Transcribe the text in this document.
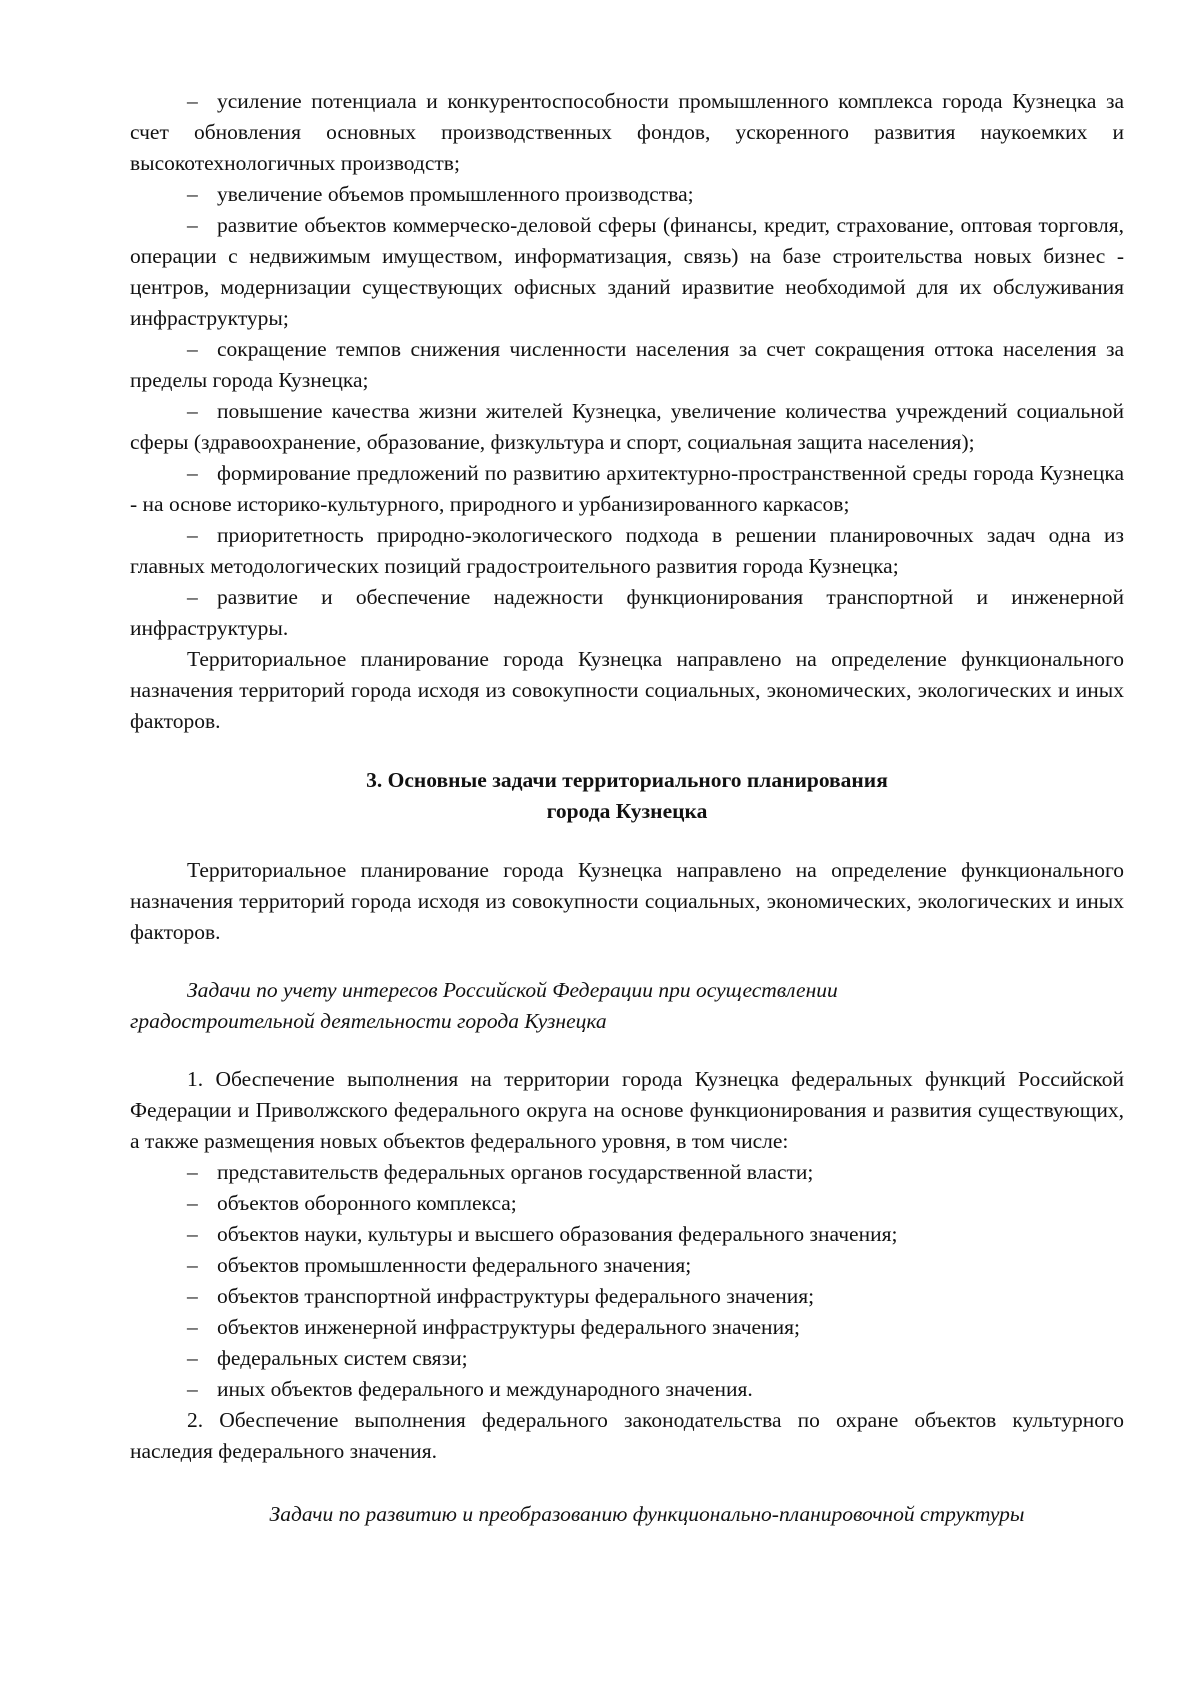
– усиление потенциала и конкурентоспособности промышленного комплекса города Кузнецка за счет обновления основных производственных фондов, ускоренного развития наукоемких и высокотехнологичных производств;

– увеличение объемов промышленного производства;

– развитие объектов коммерческо-деловой сферы (финансы, кредит, страхование, оптовая торговля, операции с недвижимым имуществом, информатизация, связь) на базе строительства новых бизнес - центров, модернизации существующих офисных зданий иразвитие необходимой для их обслуживания инфраструктуры;

– сокращение темпов снижения численности населения за счет сокращения оттока населения за пределы города Кузнецка;

– повышение качества жизни жителей Кузнецка, увеличение количества учреждений социальной сферы (здравоохранение, образование, физкультура и спорт, социальная защита населения);

– формирование предложений по развитию архитектурно-пространственной среды города Кузнецка - на основе историко-культурного, природного и урбанизированного каркасов;

– приоритетность природно-экологического подхода в решении планировочных задач одна из главных методологических позиций градостроительного развития города Кузнецка;

– развитие и обеспечение надежности функционирования транспортной и инженерной инфраструктуры.

Территориальное планирование города Кузнецка направлено на определение функционального назначения территорий города исходя из совокупности социальных, экономических, экологических и иных факторов.

3. Основные задачи территориального планирования
города Кузнецка

Территориальное планирование города Кузнецка направлено на определение функционального назначения территорий города исходя из совокупности социальных, экономических, экологических и иных факторов.

Задачи по учету интересов Российской Федерации при осуществлении
градостроительной деятельности города Кузнецка

1. Обеспечение выполнения на территории города Кузнецка федеральных функций Российской Федерации и Приволжского федерального округа на основе функционирования и развития существующих, а также размещения новых объектов федерального уровня, в том числе:

– представительств федеральных органов государственной власти;
– объектов оборонного комплекса;
– объектов науки, культуры и высшего образования федерального значения;
– объектов промышленности федерального значения;
– объектов транспортной инфраструктуры федерального значения;
– объектов инженерной инфраструктуры федерального значения;
– федеральных систем связи;
– иных объектов федерального и международного значения.

2. Обеспечение выполнения федерального законодательства по охране объектов культурного наследия федерального значения.

Задачи по развитию и преобразованию функционально-планировочной структуры
